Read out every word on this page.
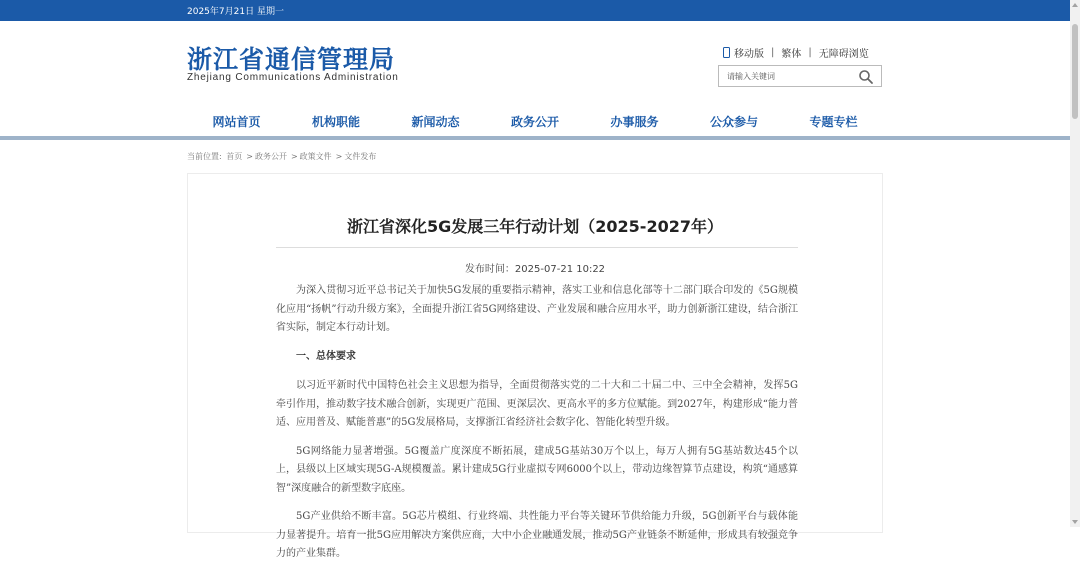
2025年7月21日 星期一
浙江省通信管理局
Zhejiang Communications Administration
移动版 | 繁体 | 无障碍浏览
请输入关键词
网站首页	机构职能	新闻动态	政务公开	办事服务	公众参与	专题专栏
当前位置: 首页 > 政务公开 > 政策文件 > 文件发布
浙江省深化5G发展三年行动计划（2025-2027年）
发布时间：2025-07-21 10:22

为深入贯彻习近平总书记关于加快5G发展的重要指示精神，落实工业和信息化部等十二部门联合印发的《5G规模化应用“扬帆”行动升级方案》，全面提升浙江省5G网络建设、产业发展和融合应用水平，助力创新浙江建设，结合浙江省实际，制定本行动计划。

一、总体要求

以习近平新时代中国特色社会主义思想为指导，全面贯彻落实党的二十大和二十届二中、三中全会精神，发挥5G牵引作用，推动数字技术融合创新，实现更广范围、更深层次、更高水平的多方位赋能。到2027年，构建形成“能力普适、应用普及、赋能普惠”的5G发展格局，支撑浙江省经济社会数字化、智能化转型升级。

5G网络能力显著增强。5G覆盖广度深度不断拓展，建成5G基站30万个以上，每万人拥有5G基站数达45个以上，县级以上区域实现5G-A规模覆盖。累计建成5G行业虚拟专网6000个以上，带动边缘智算节点建设，构筑“通感算智”深度融合的新型数字底座。

5G产业供给不断丰富。5G芯片模组、行业终端、共性能力平台等关键环节供给能力升级，5G创新平台与载体能力显著提升。培育一批5G应用解决方案供应商，大中小企业融通发展，推动5G产业链条不断延伸，形成具有较强竞争力的产业集群。
